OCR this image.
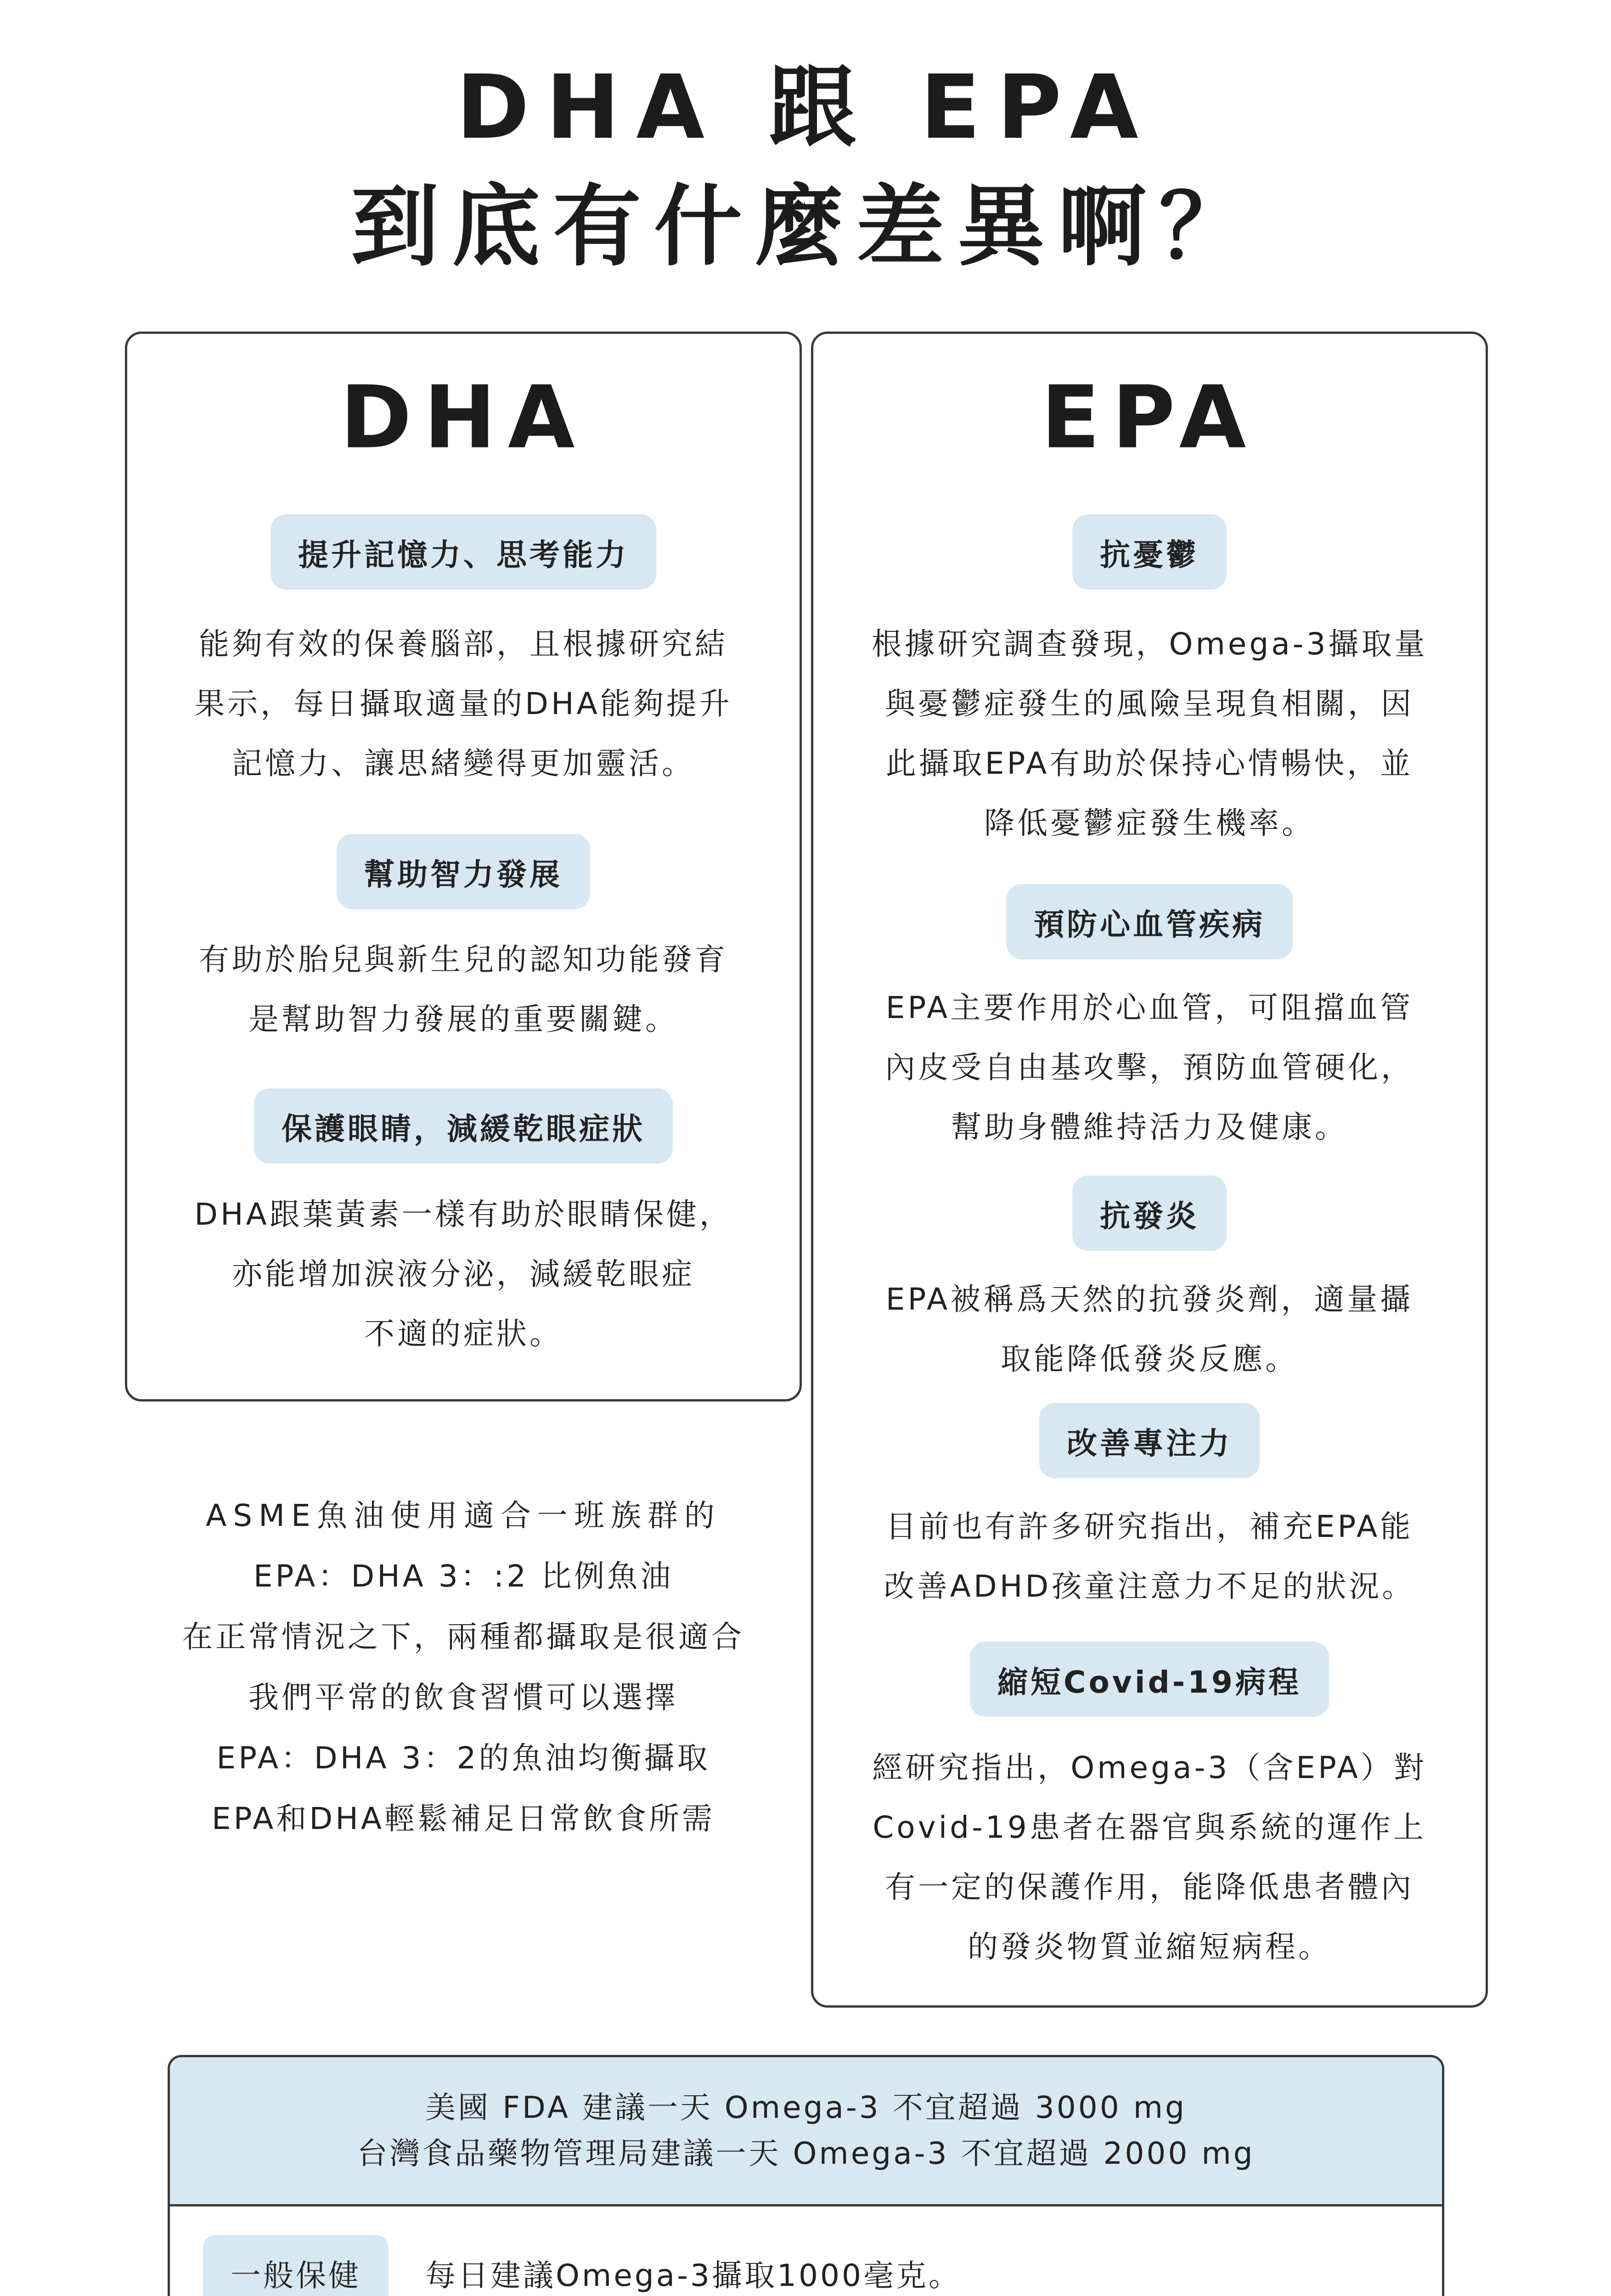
DHA 跟 EPA
到底有什麼差異啊？
DHA
提升記憶力、思考能力
能夠有效的保養腦部，且根據研究結
果示，每日攝取適量的DHA能夠提升
記憶力、讓思緒變得更加靈活。
幫助智力發展
有助於胎兒與新生兒的認知功能發育
是幫助智力發展的重要關鍵。
保護眼睛，減緩乾眼症狀
DHA跟葉黃素一樣有助於眼睛保健，
亦能增加淚液分泌，減緩乾眼症
不適的症狀。
ASME魚油使用適合一班族群的
EPA：DHA 3：:2 比例魚油
在正常情況之下，兩種都攝取是很適合
我們平常的飲食習慣可以選擇
EPA：DHA 3：2的魚油均衡攝取
EPA和DHA輕鬆補足日常飲食所需
EPA
抗憂鬱
根據研究調查發現，Omega-3攝取量
與憂鬱症發生的風險呈現負相關，因
此攝取EPA有助於保持心情暢快，並
降低憂鬱症發生機率。
預防心血管疾病
EPA主要作用於心血管，可阻擋血管
內皮受自由基攻擊，預防血管硬化，
幫助身體維持活力及健康。
抗發炎
EPA被稱爲天然的抗發炎劑，適量攝
取能降低發炎反應。
改善專注力
目前也有許多研究指出，補充EPA能
改善ADHD孩童注意力不足的狀況。
縮短Covid-19病程
經研究指出，Omega-3（含EPA）對
Covid-19患者在器官與系統的運作上
有一定的保護作用，能降低患者體內
的發炎物質並縮短病程。
美國 FDA 建議一天 Omega-3 不宜超過 3000 mg
台灣食品藥物管理局建議一天 Omega-3 不宜超過 2000 mg
一般保健	每日建議Omega-3攝取1000毫克。
